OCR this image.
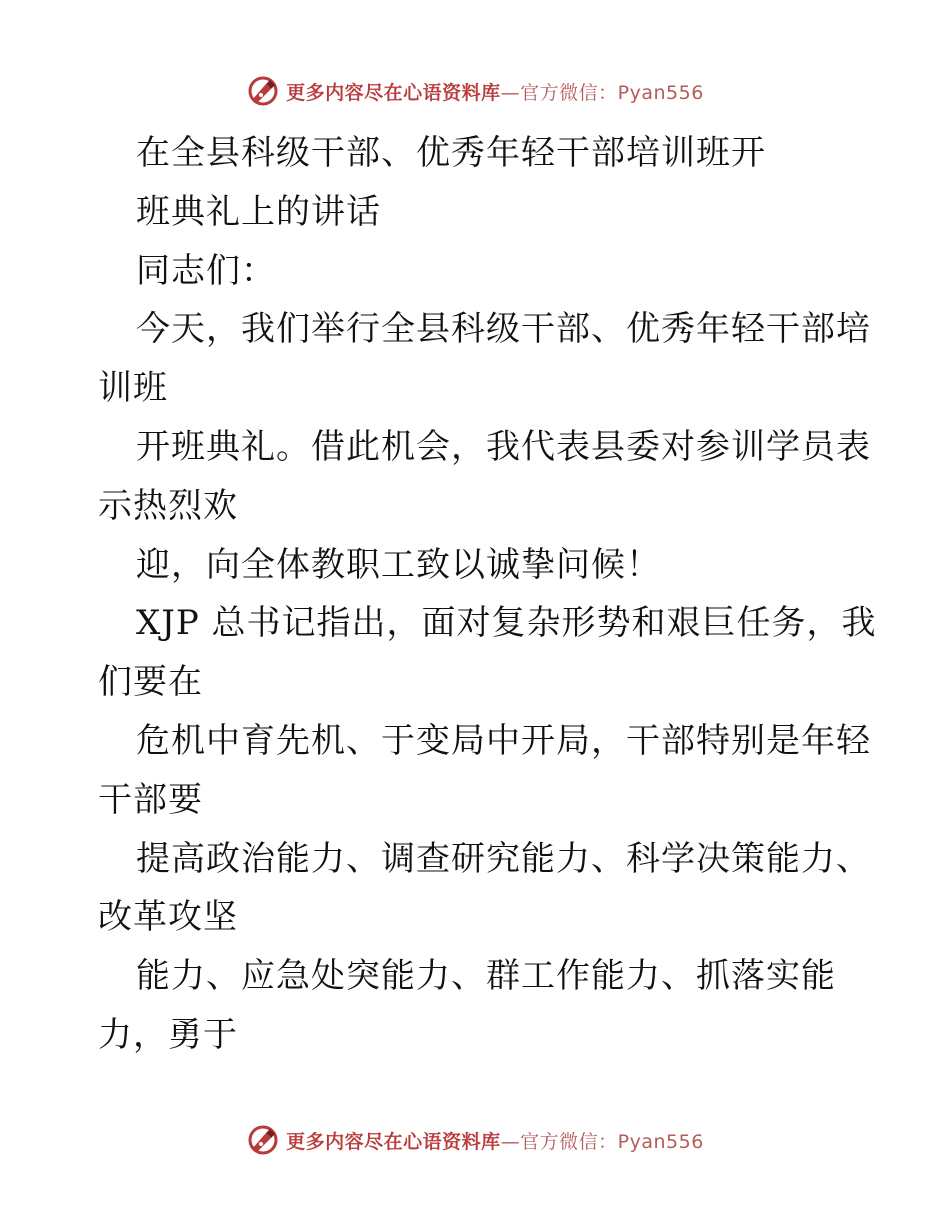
更多内容尽在心语资料库—官方微信：Pyan556
在全县科级干部、优秀年轻干部培训班开
班典礼上的讲话
同志们：
今天，我们举行全县科级干部、优秀年轻干部培
训班
开班典礼。借此机会，我代表县委对参训学员表
示热烈欢
迎，向全体教职工致以诚挚问候！
XJP 总书记指出，面对复杂形势和艰巨任务，我
们要在
危机中育先机、于变局中开局，干部特别是年轻
干部要
提高政治能力、调查研究能力、科学决策能力、
改革攻坚
能力、应急处突能力、群工作能力、抓落实能
力，勇于
更多内容尽在心语资料库—官方微信：Pyan556
